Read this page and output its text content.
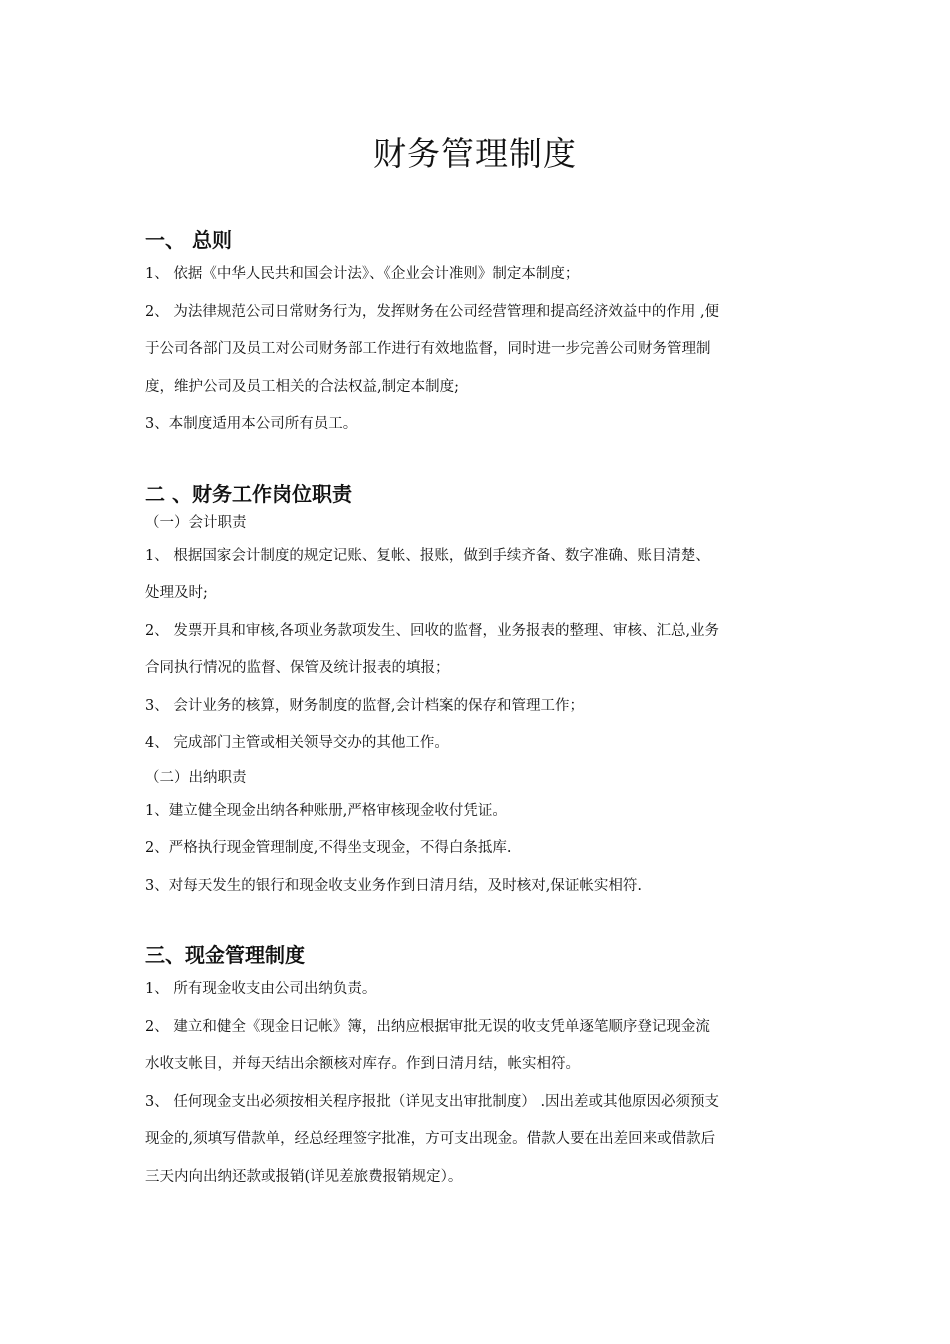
财务管理制度
一、 总则
1、 依据《中华人民共和国会计法》、《企业会计准则》制定本制度；
2、 为法律规范公司日常财务行为，发挥财务在公司经营管理和提高经济效益中的作用 ,便
于公司各部门及员工对公司财务部工作进行有效地监督，同时进一步完善公司财务管理制
度，维护公司及员工相关的合法权益,制定本制度;
3、本制度适用本公司所有员工。
二 、财务工作岗位职责
（一）会计职责
1、 根据国家会计制度的规定记账、复帐、报账，做到手续齐备、数字准确、账目清楚、
处理及时;
2、 发票开具和审核,各项业务款项发生、回收的监督，业务报表的整理、审核、汇总,业务
合同执行情况的监督、保管及统计报表的填报；
3、 会计业务的核算，财务制度的监督,会计档案的保存和管理工作；
4、 完成部门主管或相关领导交办的其他工作。
（二）出纳职责
1、建立健全现金出纳各种账册,严格审核现金收付凭证。
2、严格执行现金管理制度,不得坐支现金，不得白条抵库.
3、对每天发生的银行和现金收支业务作到日清月结，及时核对,保证帐实相符.
三、现金管理制度
1、 所有现金收支由公司出纳负责。
2、 建立和健全《现金日记帐》簿，出纳应根据审批无误的收支凭单逐笔顺序登记现金流
水收支帐目，并每天结出余额核对库存。作到日清月结，帐实相符。
3、 任何现金支出必须按相关程序报批（详见支出审批制度） .因出差或其他原因必须预支
现金的,须填写借款单，经总经理签字批准，方可支出现金。借款人要在出差回来或借款后
三天内向出纳还款或报销(详见差旅费报销规定）。
